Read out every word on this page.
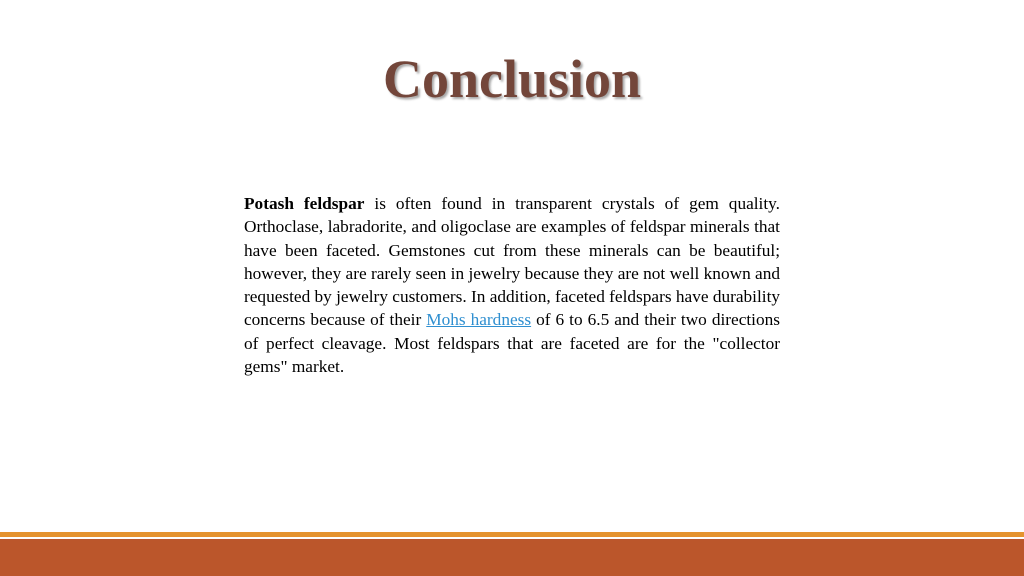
Conclusion

Potash feldspar is often found in transparent crystals of gem quality. Orthoclase, labradorite, and oligoclase are examples of feldspar minerals that have been faceted. Gemstones cut from these minerals can be beautiful; however, they are rarely seen in jewelry because they are not well known and requested by jewelry customers. In addition, faceted feldspars have durability concerns because of their Mohs hardness of 6 to 6.5 and their two directions of perfect cleavage. Most feldspars that are faceted are for the "collector gems" market.
